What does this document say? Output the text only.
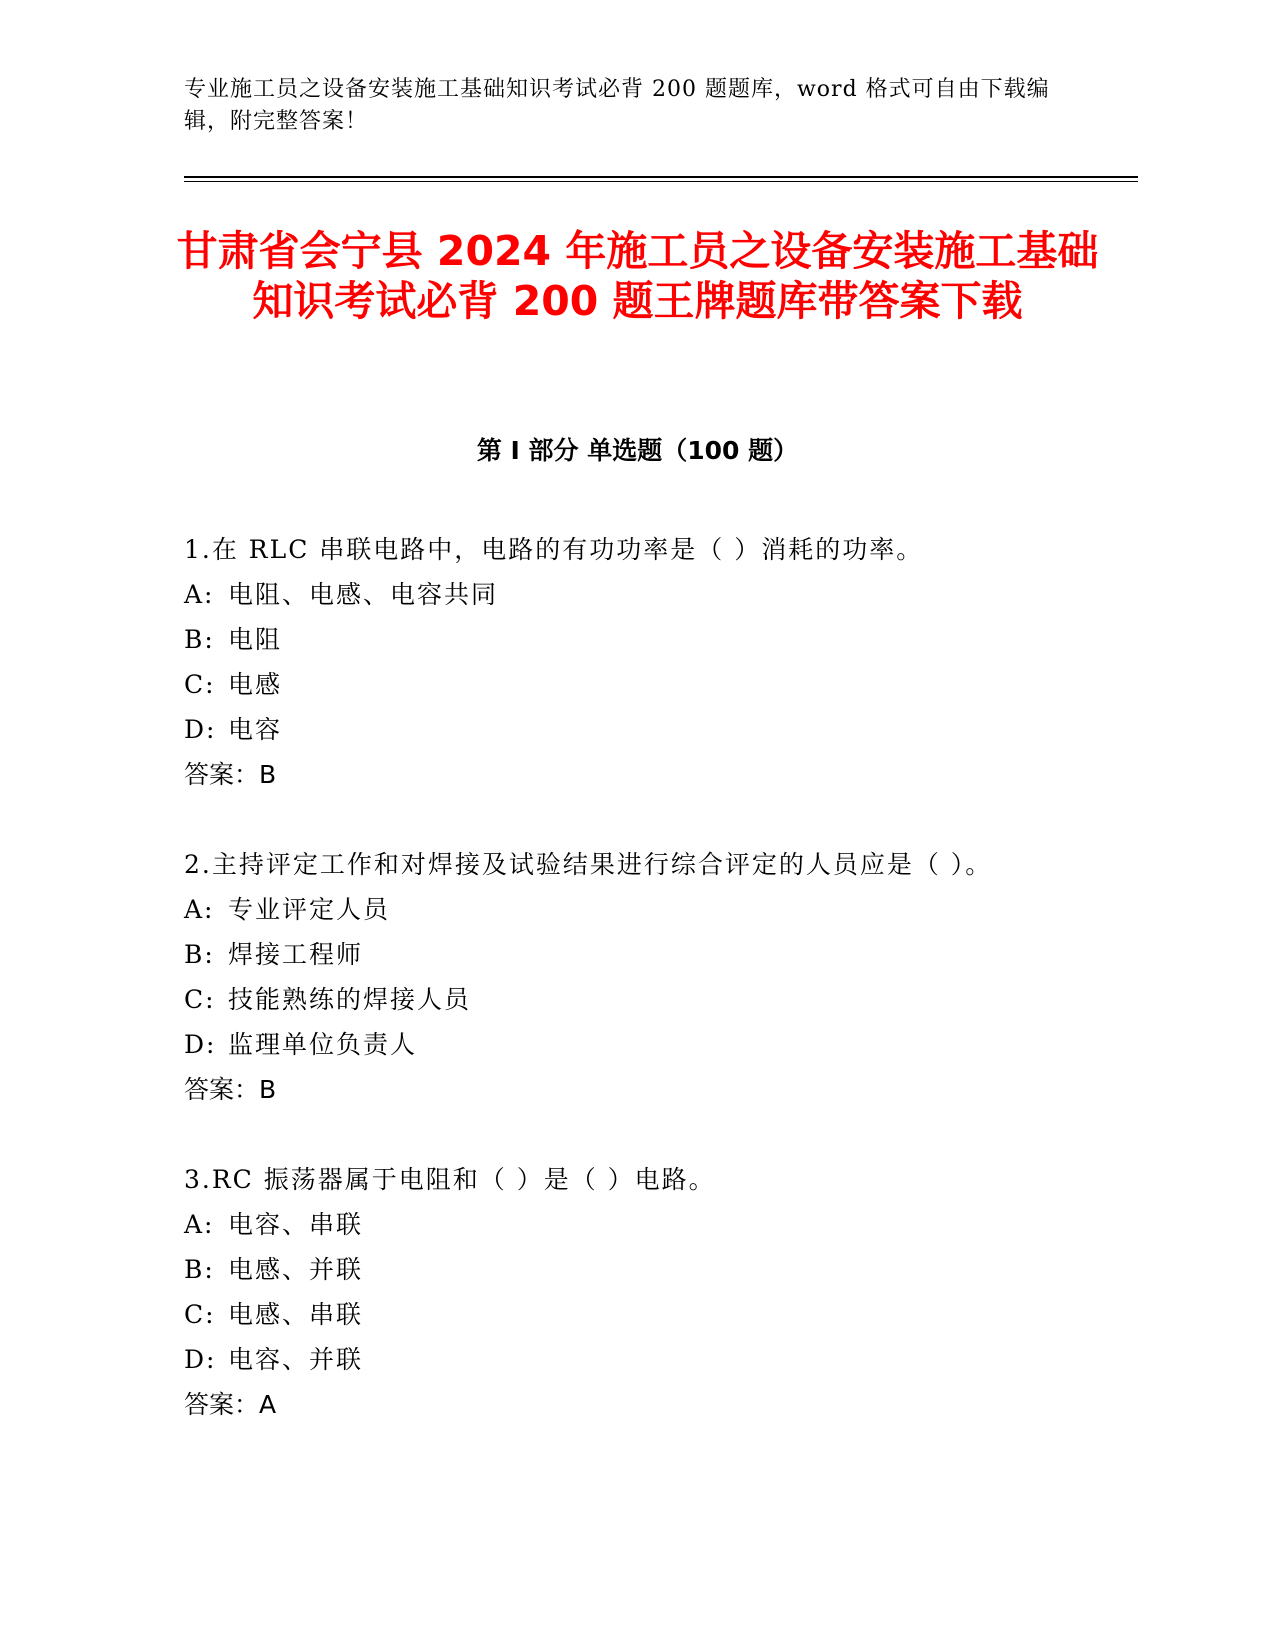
专业施工员之设备安装施工基础知识考试必背 200 题题库，word 格式可自由下载编辑，附完整答案！
甘肃省会宁县 2024 年施工员之设备安装施工基础知识考试必背 200 题王牌题库带答案下载
第 I 部分 单选题（100 题）
1.在 RLC 串联电路中，电路的有功功率是（ ）消耗的功率。
A: 电阻、电感、电容共同
B: 电阻
C: 电感
D: 电容
答案：B
2.主持评定工作和对焊接及试验结果进行综合评定的人员应是（ ）。
A: 专业评定人员
B: 焊接工程师
C: 技能熟练的焊接人员
D: 监理单位负责人
答案：B
3.RC 振荡器属于电阻和（ ）是（ ）电路。
A: 电容、串联
B: 电感、并联
C: 电感、串联
D: 电容、并联
答案：A
